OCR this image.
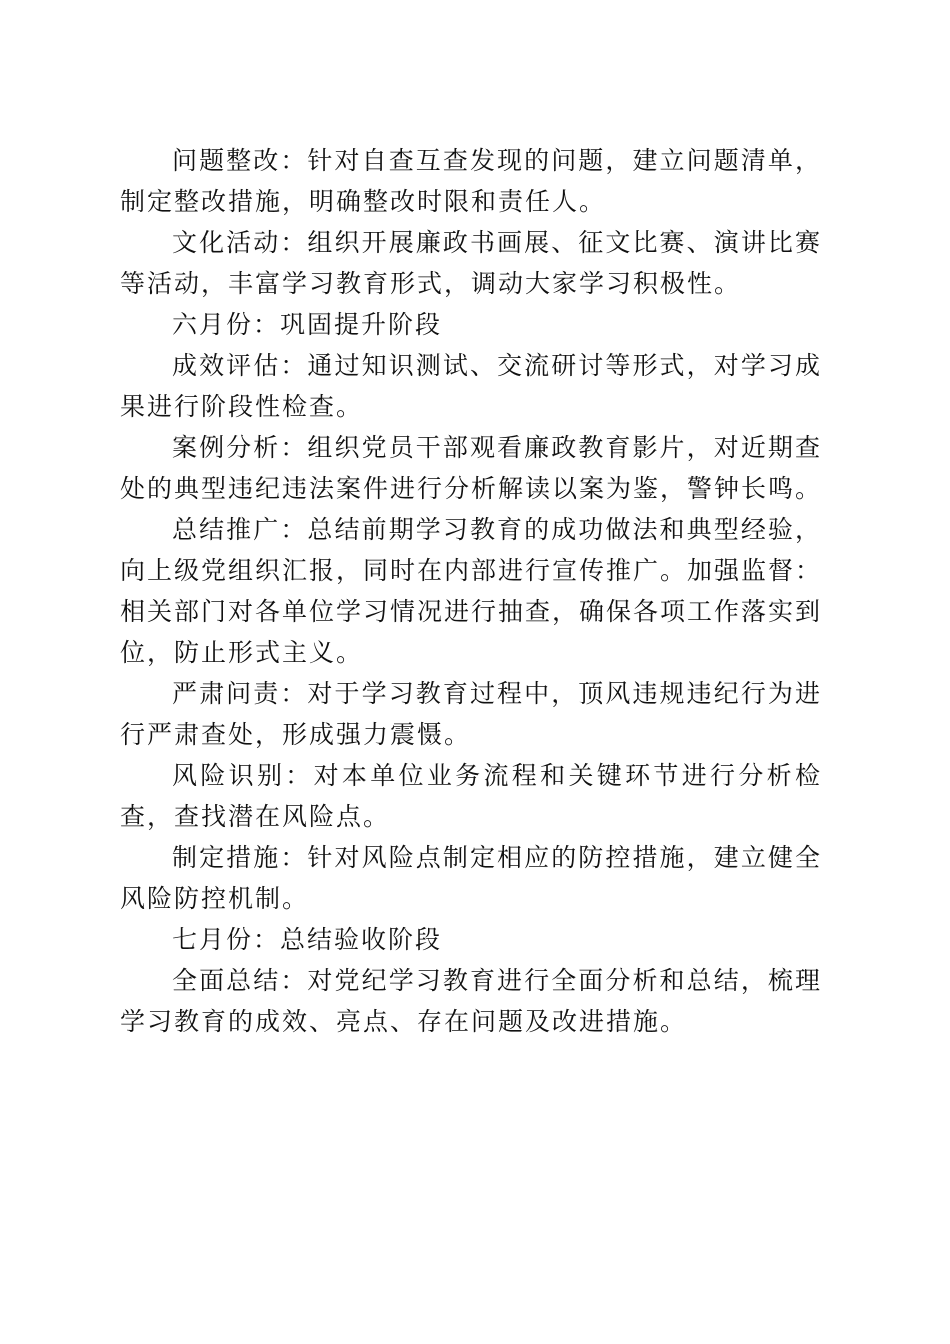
问题整改：针对自查互查发现的问题，建立问题清单，制定整改措施，明确整改时限和责任人。

文化活动：组织开展廉政书画展、征文比赛、演讲比赛等活动，丰富学习教育形式，调动大家学习积极性。

六月份：巩固提升阶段

成效评估：通过知识测试、交流研讨等形式，对学习成果进行阶段性检查。

案例分析：组织党员干部观看廉政教育影片，对近期查处的典型违纪违法案件进行分析解读以案为鉴，警钟长鸣。

总结推广：总结前期学习教育的成功做法和典型经验，向上级党组织汇报，同时在内部进行宣传推广。加强监督：相关部门对各单位学习情况进行抽查，确保各项工作落实到位，防止形式主义。

严肃问责：对于学习教育过程中，顶风违规违纪行为进行严肃查处，形成强力震慑。

风险识别：对本单位业务流程和关键环节进行分析检查，查找潜在风险点。

制定措施：针对风险点制定相应的防控措施，建立健全风险防控机制。

七月份：总结验收阶段

全面总结：对党纪学习教育进行全面分析和总结，梳理学习教育的成效、亮点、存在问题及改进措施。
